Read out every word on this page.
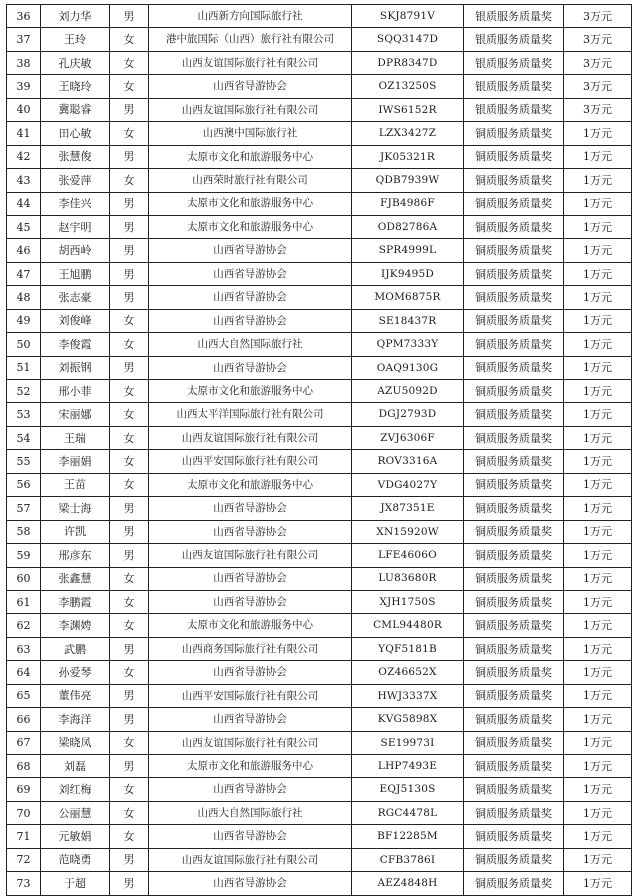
36	刘力华	男	山西新方向国际旅行社	SKJ8791V	银质服务质量奖	3万元
37	王玲	女	港中旅国际（山西）旅行社有限公司	SQQ3147D	银质服务质量奖	3万元
38	孔庆敏	女	山西友谊国际旅行社有限公司	DPR8347D	银质服务质量奖	3万元
39	王晓玲	女	山西省导游协会	OZ13250S	银质服务质量奖	3万元
40	冀聪睿	男	山西友谊国际旅行社有限公司	IWS6152R	银质服务质量奖	3万元
41	田心敏	女	山西澳中国际旅行社	LZX3427Z	铜质服务质量奖	1万元
42	张慧俊	男	太原市文化和旅游服务中心	JK05321R	铜质服务质量奖	1万元
43	张爱萍	女	山西荣时旅行社有限公司	QDB7939W	铜质服务质量奖	1万元
44	李佳兴	男	太原市文化和旅游服务中心	FJB4986F	铜质服务质量奖	1万元
45	赵宇明	男	太原市文化和旅游服务中心	OD82786A	铜质服务质量奖	1万元
46	胡西岭	男	山西省导游协会	SPR4999L	铜质服务质量奖	1万元
47	王旭鹏	男	山西省导游协会	IJK9495D	铜质服务质量奖	1万元
48	张志豪	男	山西省导游协会	MOM6875R	铜质服务质量奖	1万元
49	刘俊峰	女	山西省导游协会	SE18437R	铜质服务质量奖	1万元
50	李俊霞	女	山西大自然国际旅行社	QPM7333Y	铜质服务质量奖	1万元
51	刘振钢	男	山西省导游协会	OAQ9130G	铜质服务质量奖	1万元
52	邢小菲	女	太原市文化和旅游服务中心	AZU5092D	铜质服务质量奖	1万元
53	宋丽娜	女	山西太平洋国际旅行社有限公司	DGJ2793D	铜质服务质量奖	1万元
54	王瑞	女	山西友谊国际旅行社有限公司	ZVJ6306F	铜质服务质量奖	1万元
55	李丽娟	女	山西平安国际旅行社有限公司	ROV3316A	铜质服务质量奖	1万元
56	王苗	女	太原市文化和旅游服务中心	VDG4027Y	铜质服务质量奖	1万元
57	梁士海	男	山西省导游协会	JX87351E	铜质服务质量奖	1万元
58	许凯	男	山西省导游协会	XN15920W	铜质服务质量奖	1万元
59	邢彦东	男	山西友谊国际旅行社有限公司	LFE4606O	铜质服务质量奖	1万元
60	张鑫慧	女	山西省导游协会	LU83680R	铜质服务质量奖	1万元
61	李鹏霞	女	山西省导游协会	XJH1750S	铜质服务质量奖	1万元
62	李渊娉	女	太原市文化和旅游服务中心	CML94480R	铜质服务质量奖	1万元
63	武鹏	男	山西商务国际旅行社有限公司	YQF5181B	铜质服务质量奖	1万元
64	孙爱琴	女	山西省导游协会	OZ46652X	铜质服务质量奖	1万元
65	董伟亮	男	山西平安国际旅行社有限公司	HWJ3337X	铜质服务质量奖	1万元
66	李海洋	男	山西省导游协会	KVG5898X	铜质服务质量奖	1万元
67	梁晓凤	女	山西友谊国际旅行社有限公司	SE19973I	铜质服务质量奖	1万元
68	刘磊	男	太原市文化和旅游服务中心	LHP7493E	铜质服务质量奖	1万元
69	刘红梅	女	山西省导游协会	EQJ5130S	铜质服务质量奖	1万元
70	公丽慧	女	山西大自然国际旅行社	RGC4478L	铜质服务质量奖	1万元
71	元敏娟	女	山西省导游协会	BF12285M	铜质服务质量奖	1万元
72	范晓勇	男	山西友谊国际旅行社有限公司	CFB3786I	铜质服务质量奖	1万元
73	于超	男	山西省导游协会	AEZ4848H	铜质服务质量奖	1万元
